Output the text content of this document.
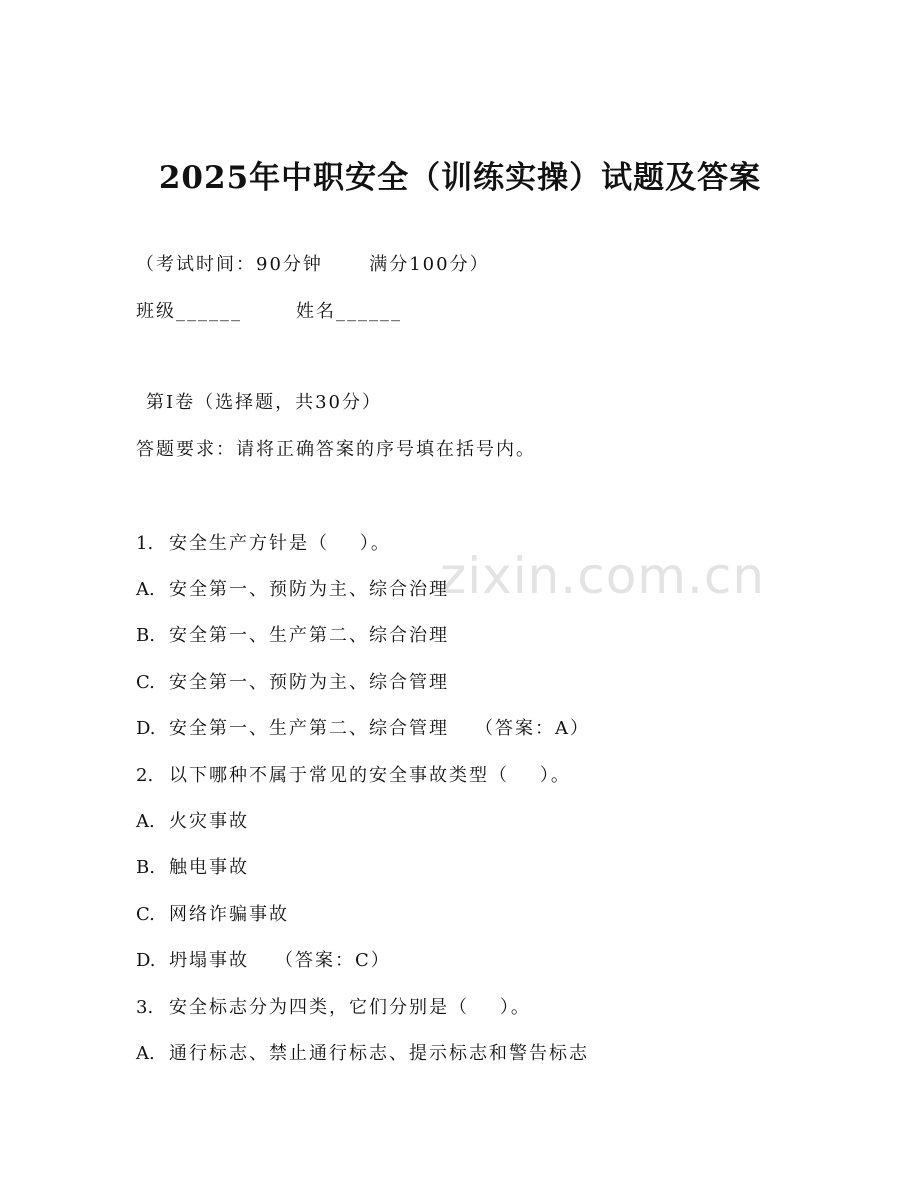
2025年中职安全（训练实操）试题及答案
（考试时间：90分钟      满分100分）
班级______	姓名______
第I卷（选择题，共30分）
答题要求：请将正确答案的序号填在括号内。
zixin.com.cn
1. 安全生产方针是（    ）。
A. 安全第一、预防为主、综合治理
B. 安全第一、生产第二、综合治理
C. 安全第一、预防为主、综合管理
D. 安全第一、生产第二、综合管理 （答案：A）
2. 以下哪种不属于常见的安全事故类型（    ）。
A. 火灾事故
B. 触电事故
C. 网络诈骗事故
D. 坍塌事故 （答案：C）
3. 安全标志分为四类，它们分别是（    ）。
A. 通行标志、禁止通行标志、提示标志和警告标志
